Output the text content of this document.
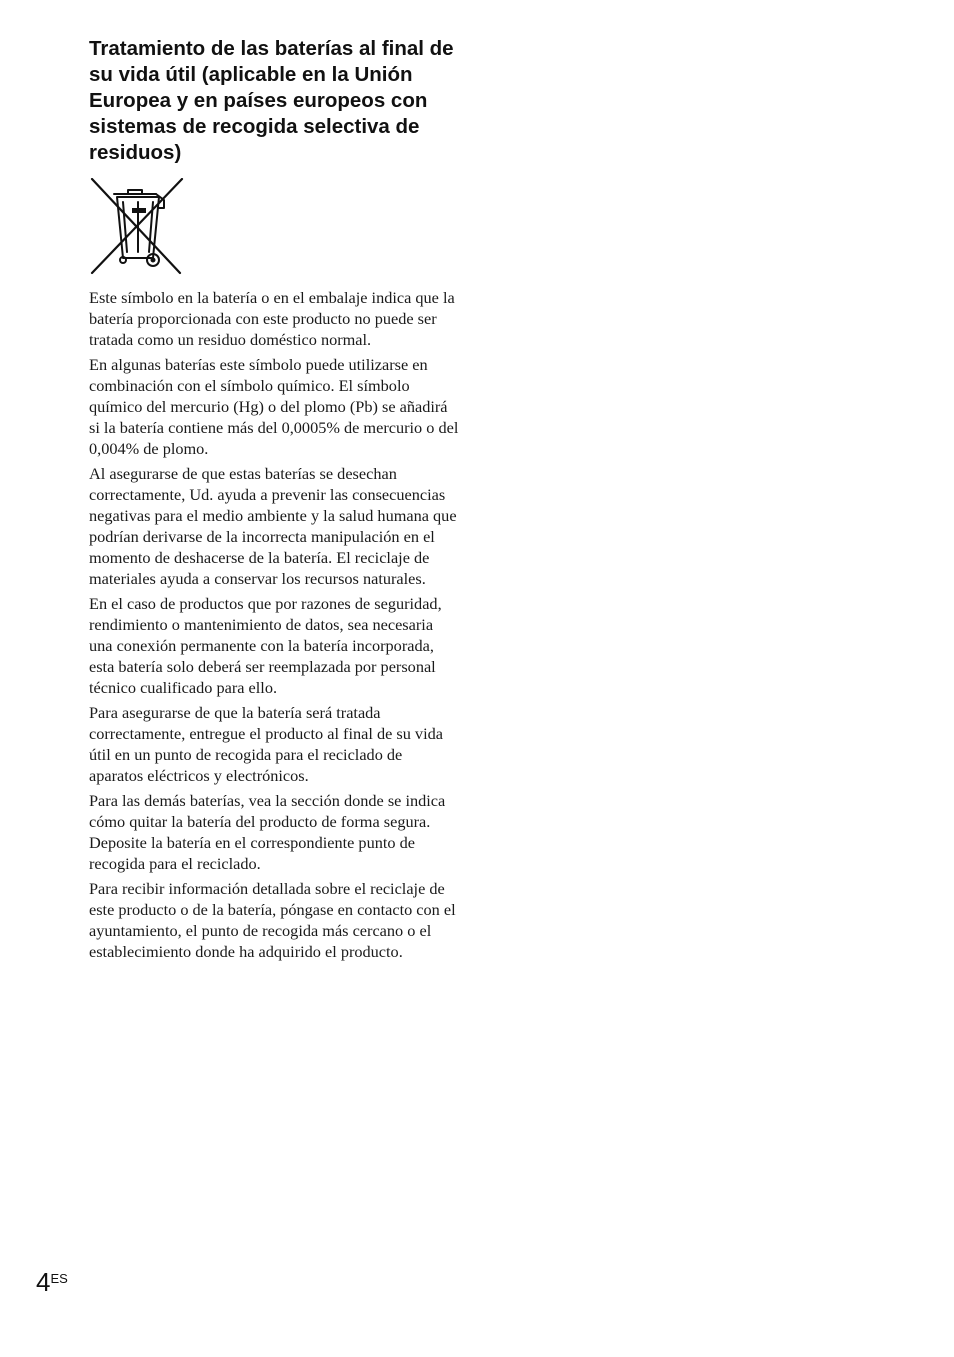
Tratamiento de las baterías al final de su vida útil (aplicable en la Unión Europea y en países europeos con sistemas de recogida selectiva de residuos)

Este símbolo en la batería o en el embalaje indica que la batería proporcionada con este producto no puede ser tratada como un residuo doméstico normal.

En algunas baterías este símbolo puede utilizarse en combinación con el símbolo químico. El símbolo químico del mercurio (Hg) o del plomo (Pb) se añadirá si la batería contiene más del 0,0005% de mercurio o del 0,004% de plomo.

Al asegurarse de que estas baterías se desechan correctamente, Ud. ayuda a prevenir las consecuencias negativas para el medio ambiente y la salud humana que podrían derivarse de la incorrecta manipulación en el momento de deshacerse de la batería. El reciclaje de materiales ayuda a conservar los recursos naturales.

En el caso de productos que por razones de seguridad, rendimiento o mantenimiento de datos, sea necesaria una conexión permanente con la batería incorporada, esta batería solo deberá ser reemplazada por personal técnico cualificado para ello.

Para asegurarse de que la batería será tratada correctamente, entregue el producto al final de su vida útil en un punto de recogida para el reciclado de aparatos eléctricos y electrónicos.

Para las demás baterías, vea la sección donde se indica cómo quitar la batería del producto de forma segura. Deposite la batería en el correspondiente punto de recogida para el reciclado.

Para recibir información detallada sobre el reciclaje de este producto o de la batería, póngase en contacto con el ayuntamiento, el punto de recogida más cercano o el establecimiento donde ha adquirido el producto.

$4^{ES}$
